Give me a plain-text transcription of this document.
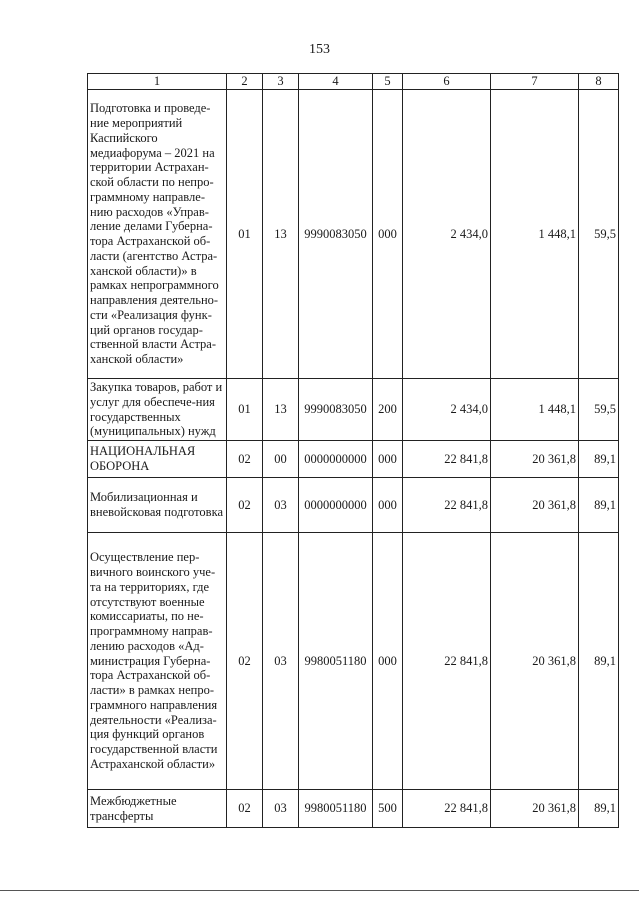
153
1	2	3	4	5	6	7	8
Подготовка и проведе-ние мероприятий Каспийского медиафорума – 2021 на территории Астрахан-ской области по непро-граммному направле-нию расходов «Управ-ление делами Губерна-тора Астраханской об-ласти (агентство Астра-ханской области)» в рамках непрограммного направления деятельно-сти «Реализация функ-ций органов государ-ственной власти Астра-ханской области»	01	13	9990083050	000	2 434,0	1 448,1	59,5
Закупка товаров, работ и услуг для обеспече-ния государственных (муниципальных) нужд	01	13	9990083050	200	2 434,0	1 448,1	59,5
НАЦИОНАЛЬНАЯ ОБОРОНА	02	00	0000000000	000	22 841,8	20 361,8	89,1
Мобилизационная и вневойсковая подготовка	02	03	0000000000	000	22 841,8	20 361,8	89,1
Осуществление пер-вичного воинского уче-та на территориях, где отсутствуют военные комиссариаты, по не-программному направ-лению расходов «Ад-министрация Губерна-тора Астраханской об-ласти» в рамках непро-граммного направления деятельности «Реализа-ция функций органов государственной власти Астраханской области»	02	03	9980051180	000	22 841,8	20 361,8	89,1
Межбюджетные трансферты	02	03	9980051180	500	22 841,8	20 361,8	89,1
